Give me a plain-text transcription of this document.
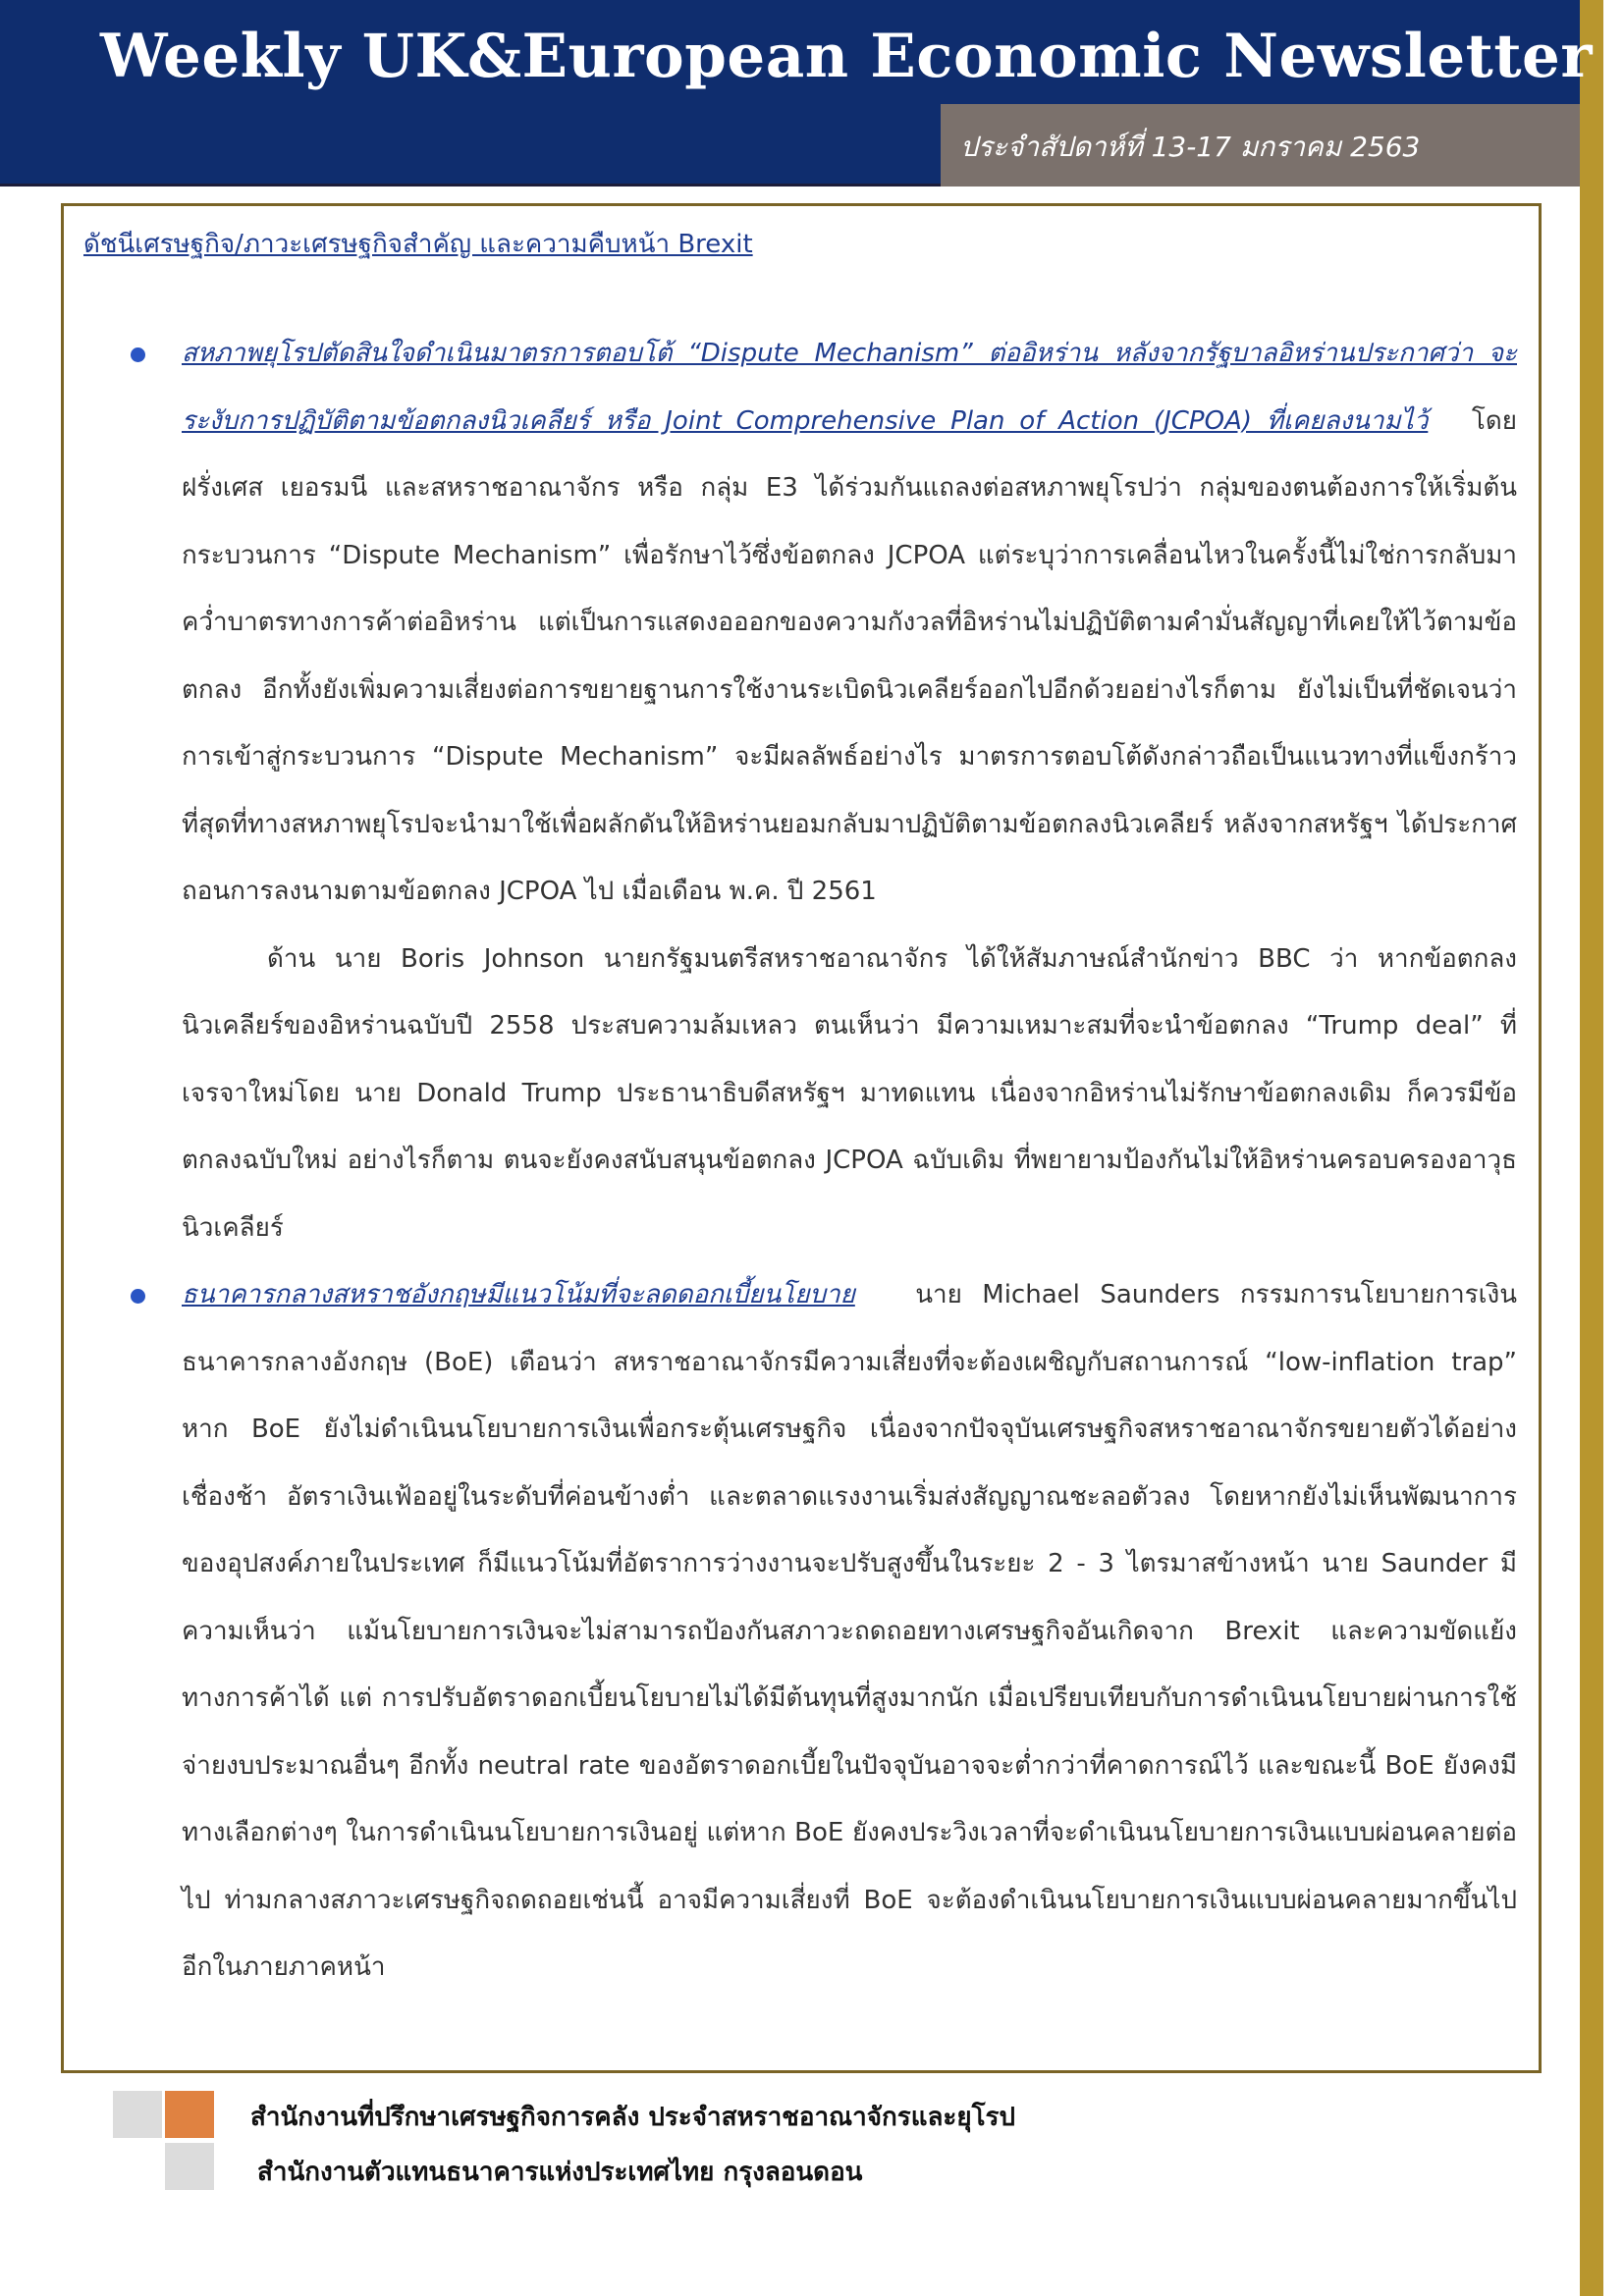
Weekly UK&European Economic Newsletter

ประจำสัปดาห์ที่ 13-17 มกราคม 2563

ดัชนีเศรษฐกิจ/ภาวะเศรษฐกิจสำคัญ และความคืบหน้า Brexit

สหภาพยุโรปตัดสินใจดำเนินมาตรการตอบโต้ “Dispute Mechanism” ต่ออิหร่าน หลังจากรัฐบาลอิหร่านประกาศว่า จะระงับการปฏิบัติตามข้อตกลงนิวเคลียร์ หรือ Joint Comprehensive Plan of Action (JCPOA) ที่เคยลงนามไว้ โดยฝรั่งเศส เยอรมนี และสหราชอาณาจักร หรือ กลุ่ม E3 ได้ร่วมกันแถลงต่อสหภาพยุโรปว่า กลุ่มของตนต้องการให้เริ่มต้นกระบวนการ “Dispute Mechanism” เพื่อรักษาไว้ซึ่งข้อตกลง JCPOA แต่ระบุว่าการเคลื่อนไหวในครั้งนี้ไม่ใช่การกลับมาคว่ำบาตรทางการค้าต่ออิหร่าน แต่เป็นการแสดงอออกของความกังวลที่อิหร่านไม่ปฏิบัติตามคำมั่นสัญญาที่เคยให้ไว้ตามข้อตกลง อีกทั้งยังเพิ่มความเสี่ยงต่อการขยายฐานการใช้งานระเบิดนิวเคลียร์ออกไปอีกด้วยอย่างไรก็ตาม ยังไม่เป็นที่ชัดเจนว่า การเข้าสู่กระบวนการ “Dispute Mechanism” จะมีผลลัพธ์อย่างไร มาตรการตอบโต้ดังกล่าวถือเป็นแนวทางที่แข็งกร้าวที่สุดที่ทางสหภาพยุโรปจะนำมาใช้เพื่อผลักดันให้อิหร่านยอมกลับมาปฏิบัติตามข้อตกลงนิวเคลียร์ หลังจากสหรัฐฯ ได้ประกาศถอนการลงนามตามข้อตกลง JCPOA ไป เมื่อเดือน พ.ค. ปี 2561

ด้าน นาย Boris Johnson นายกรัฐมนตรีสหราชอาณาจักร ได้ให้สัมภาษณ์สำนักข่าว BBC ว่า หากข้อตกลงนิวเคลียร์ของอิหร่านฉบับปี 2558 ประสบความล้มเหลว ตนเห็นว่า มีความเหมาะสมที่จะนำข้อตกลง “Trump deal” ที่เจรจาใหม่โดย นาย Donald Trump ประธานาธิบดีสหรัฐฯ มาทดแทน เนื่องจากอิหร่านไม่รักษาข้อตกลงเดิม ก็ควรมีข้อตกลงฉบับใหม่ อย่างไรก็ตาม ตนจะยังคงสนับสนุนข้อตกลง JCPOA ฉบับเดิม ที่พยายามป้องกันไม่ให้อิหร่านครอบครองอาวุธนิวเคลียร์

ธนาคารกลางสหราชอังกฤษมีแนวโน้มที่จะลดดอกเบี้ยนโยบาย นาย Michael Saunders กรรมการนโยบายการเงินธนาคารกลางอังกฤษ (BoE) เตือนว่า สหราชอาณาจักรมีความเสี่ยงที่จะต้องเผชิญกับสถานการณ์ “low-inflation trap” หาก BoE ยังไม่ดำเนินนโยบายการเงินเพื่อกระตุ้นเศรษฐกิจ เนื่องจากปัจจุบันเศรษฐกิจสหราชอาณาจักรขยายตัวได้อย่างเชื่องช้า อัตราเงินเฟ้ออยู่ในระดับที่ค่อนข้างต่ำ และตลาดแรงงานเริ่มส่งสัญญาณชะลอตัวลง โดยหากยังไม่เห็นพัฒนาการของอุปสงค์ภายในประเทศ ก็มีแนวโน้มที่อัตราการว่างงานจะปรับสูงขึ้นในระยะ 2 - 3 ไตรมาสข้างหน้า นาย Saunder มีความเห็นว่า แม้นโยบายการเงินจะไม่สามารถป้องกันสภาวะถดถอยทางเศรษฐกิจอันเกิดจาก Brexit และความขัดแย้งทางการค้าได้ แต่ การปรับอัตราดอกเบี้ยนโยบายไม่ได้มีต้นทุนที่สูงมากนัก เมื่อเปรียบเทียบกับการดำเนินนโยบายผ่านการใช้จ่ายงบประมาณอื่นๆ อีกทั้ง neutral rate ของอัตราดอกเบี้ยในปัจจุบันอาจจะต่ำกว่าที่คาดการณ์ไว้ และขณะนี้ BoE ยังคงมีทางเลือกต่างๆ ในการดำเนินนโยบายการเงินอยู่ แต่หาก BoE ยังคงประวิงเวลาที่จะดำเนินนโยบายการเงินแบบผ่อนคลายต่อไป ท่ามกลางสภาวะเศรษฐกิจถดถอยเช่นนี้ อาจมีความเสี่ยงที่ BoE จะต้องดำเนินนโยบายการเงินแบบผ่อนคลายมากขึ้นไปอีกในภายภาคหน้า

สำนักงานที่ปรึกษาเศรษฐกิจการคลัง ประจำสหราชอาณาจักรและยุโรป

สำนักงานตัวแทนธนาคารแห่งประเทศไทย กรุงลอนดอน
